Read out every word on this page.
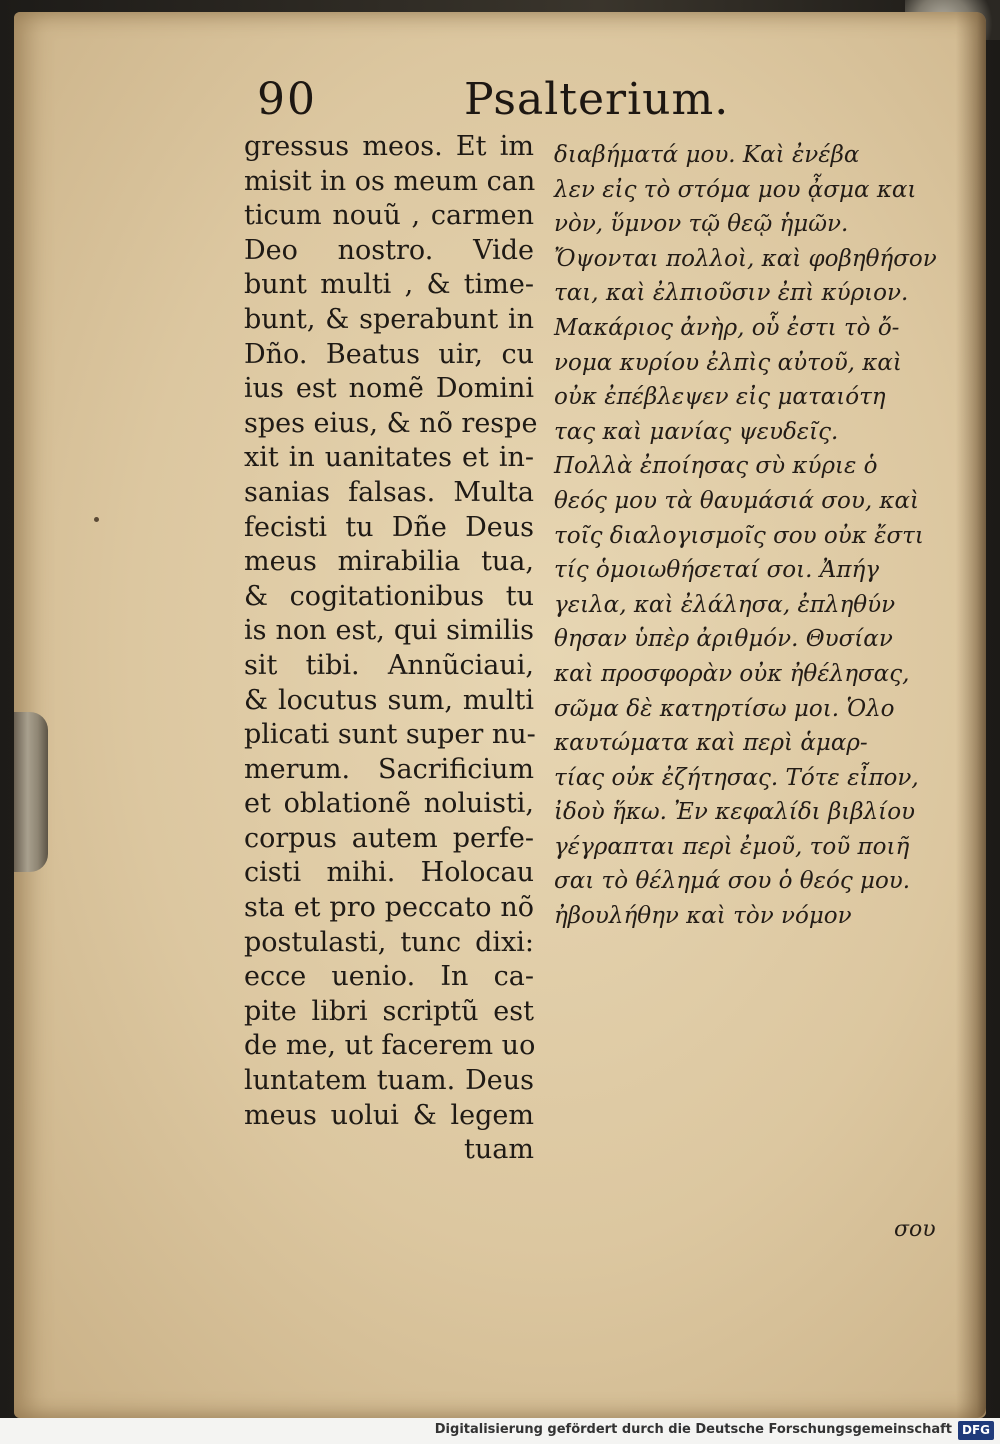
90	Psalterium.
gressus meos. Et im
misit in os meum can
ticum nouũ , carmen
Deo nostro. Vide
bunt multi , & time-
bunt, & sperabunt in
Dño. Beatus uir, cu
ius est nomẽ Domini
spes eius, & nõ respe
xit in uanitates et in-
sanias falsas. Multa
fecisti tu Dñe Deus
meus mirabilia tua,
& cogitationibus tu
is non est, qui similis
sit tibi. Annũciaui,
& locutus sum, multi
plicati sunt super nu-
merum. Sacrificium
et oblationẽ noluisti,
corpus autem perfe-
cisti mihi. Holocau
sta et pro peccato nõ
postulasti, tunc dixi:
ecce uenio. In ca-
pite libri scriptũ est
de me, ut facerem uo
luntatem tuam. Deus
meus uolui & legem
tuam
διαβήματά μου. Καὶ ἐνέβα
λεν εἰς τὸ στόμα μου ᾆσμα και
νὸν, ὕμνον τῷ θεῷ ἡμῶν.
Ὄψονται πολλοὶ, καὶ φοβηθήσον
ται, καὶ ἐλπιοῦσιν ἐπὶ κύριον.
Μακάριος ἀνὴρ, οὗ ἐστι τὸ ὄ-
νομα κυρίου ἐλπὶς αὐτοῦ, καὶ
οὐκ ἐπέβλεψεν εἰς ματαιότη
τας καὶ μανίας ψευδεῖς.
Πολλὰ ἐποίησας σὺ κύριε ὁ
θεός μου τὰ θαυμάσιά σου, καὶ
τοῖς διαλογισμοῖς σου οὐκ ἔστι
τίς ὁμοιωθήσεταί σοι. Ἀπήγ
γειλα, καὶ ἐλάλησα, ἐπληθύν
θησαν ὑπὲρ ἀριθμόν. Θυσίαν
καὶ προσφορὰν οὐκ ἠθέλησας,
σῶμα δὲ κατηρτίσω μοι. Ὁλο
καυτώματα καὶ περὶ ἁμαρ-
τίας οὐκ ἐζήτησας. Τότε εἶπον,
ἰδοὺ ἥκω. Ἐν κεφαλίδι βιβλίου
γέγραπται περὶ ἐμοῦ, τοῦ ποιῆ
σαι τὸ θέλημά σου ὁ θεός μου.
ἠβουλήθην καὶ τὸν νόμον
σου
Digitalisierung gefördert durch die Deutsche Forschungsgemeinschaft DFG
